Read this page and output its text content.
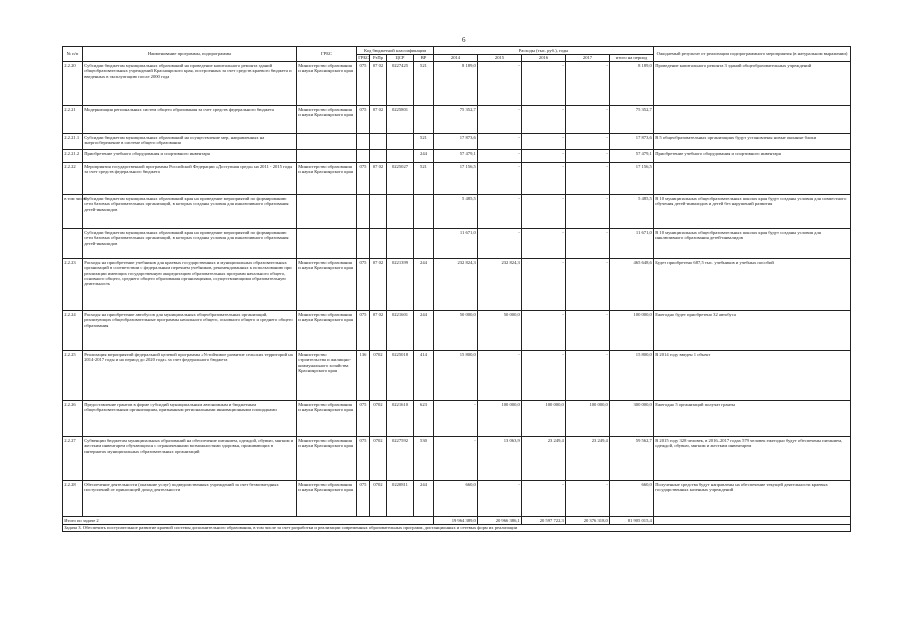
6
№ п/п	Наименование программы, подпрограммы	ГРБС	Код бюджетной классификации				Расходы (тыс. руб.), годы					Ожидаемый результат от реализации подпрограммного мероприятия (в натуральном выражении)
			ГРБС	РзПр	ЦСР	ВР	2014	2015	2016	2017	итого на период	
2.2.20	Субсидии бюджетам муниципальных образований на проведение капитального ремонта зданий общеобразовательных учреждений Красноярского края, построенных за счет средств краевого бюджета и введенных в эксплуатацию после 2000 года	Министерство образования и науки Красноярского края	075	07 02	0227425	521	8 189,0	-	-	-	8 189,0	Проведение капитального ремонта 3 зданий общеобразовательных учреждений
2.2.21	Модернизация региональных систем общего образования за счет средств федерального бюджета	Министерство образования и науки Красноярского края	075	07 02	0225801		75 352,7	-	-	-	75 352,7	
2.2.21.1	Субсидии бюджетам муниципальных образований на осуществление мер, направленных на энергосбережение в системе общего образования					521	17 873,6	-	-	-	17 873,6	В 5 общеобразовательных организациях будут установлены новые оконные блоки
2.2.21.2	Приобретение учебного оборудования и спортивного инвентаря					244	57 479,1	-	-	-	57 479,1	Приобретение учебного оборудования и спортивного инвентаря
2.2.22	Мероприятия государственной программы Российской Федерации «Доступная среда» на 2011 - 2015 годы за счет средств федерального бюджета	Министерство образования и науки Красноярского края	075	07 02	0225027	521	17 156,5	-	-	-	17 156,5	
в том числе:	Субсидии бюджетам муниципальных образований края на проведение мероприятий по формированию сети базовых образовательных организаций, в которых созданы условия для инклюзивного образования детей-инвалидов						5 485,5	-	-	-	5 485,5	В 10 муниципальных общеобразовательных школах края будут созданы условия для совместного обучения детей-инвалидов и детей без нарушений развития
	Субсидии бюджетам муниципальных образований края на проведение мероприятий по формированию сети базовых образовательных организаций, в которых созданы условия для инклюзивного образования детей-инвалидов						11 671,0	-	-	-	11 671,0	В 10 муниципальных общеобразовательных школах края будут созданы условия для инклюзивного образования детей-инвалидов
2.2.23	Расходы на приобретение учебников для краевых государственных и муниципальных образовательных организаций в соответствии с федеральным перечнем учебников, рекомендованных к использованию при реализации имеющих государственную аккредитацию образовательных программ начального общего, основного общего, среднего общего образования организациями, осуществляющими образовательную деятельность	Министерство образования и науки Красноярского края	075	07 02	0221399	244	232 824,3	232 824,3	-	-	465 648,6	Будет приобретено 687,5 тыс. учебников и учебных пособий
2.2.24	Расходы на приобретение автобусов для муниципальных общеобразовательных организаций, реализующих общеобразовательные программы начального общего, основного общего и среднего общего образования	Министерство образования и науки Красноярского края	075	07 02	0221601	244	50 000,0	50 000,0	-	-	100 000,0	Ежегодно будет приобретено 32 автобуса
2.2.25	Реализация мероприятий федеральной целевой программы «Устойчивое развитие сельских территорий на 2014-2017 годы и на период до 2020 года» за счет федерального бюджета	Министерство строительства и жилищно-коммунального хозяйства Красноярского края	136	0702	0225018	414	15 800,0	-	-	-	15 800,0	В 2014 году введен 1 объект
2.2.26	Предоставление грантов в форме субсидий муниципальным автономным и бюджетным общеобразовательным организациям, признанным региональными инновационными площадками	Министерство образования и науки Красноярского края	075	0702	0221610	623	-	100 000,0	100 000,0	100 000,0	300 000,0	Ежегодно 5 организаций получат гранты
2.2.27	Субвенции бюджетам муниципальных образований на обеспечение питанием, одеждой, обувью, мягким и жестким инвентарем обучающихся с ограниченными возможностями здоровья, проживающих в интернатах муниципальных образовательных организаций	Министерство образования и науки Красноярского края	075	0702	0227592	530	-	13 063,9	23 249,4	23 249,4	59 562,7	В 2015 году 328 человек, в 2016–2017 годах 579 человек ежегодно будут обеспечены питанием, одеждой, обувью, мягким и жестким инвентарем
2.2.28	Обеспечение деятельности (оказание услуг) подведомственных учреждений за счет безвозмездных поступлений от приносящей доход деятельности	Министерство образования и науки Красноярского края	075	0702	0220811	244	660,0	-	-	-	660,0	Полученные средства будут направлены на обеспечение текущей деятельности краевых государственных казенных учреждений
Итого по задаче 2							19 964 389,0	20 966 386,1	20 597 722,3	20 376 318,0	81 905 015,4	
Задача 3. Обеспечить поступательное развитие краевой системы дополнительного образования, в том числе за счет разработки и реализации современных образовательных программ, дистанционных и сетевых форм их реализации												
